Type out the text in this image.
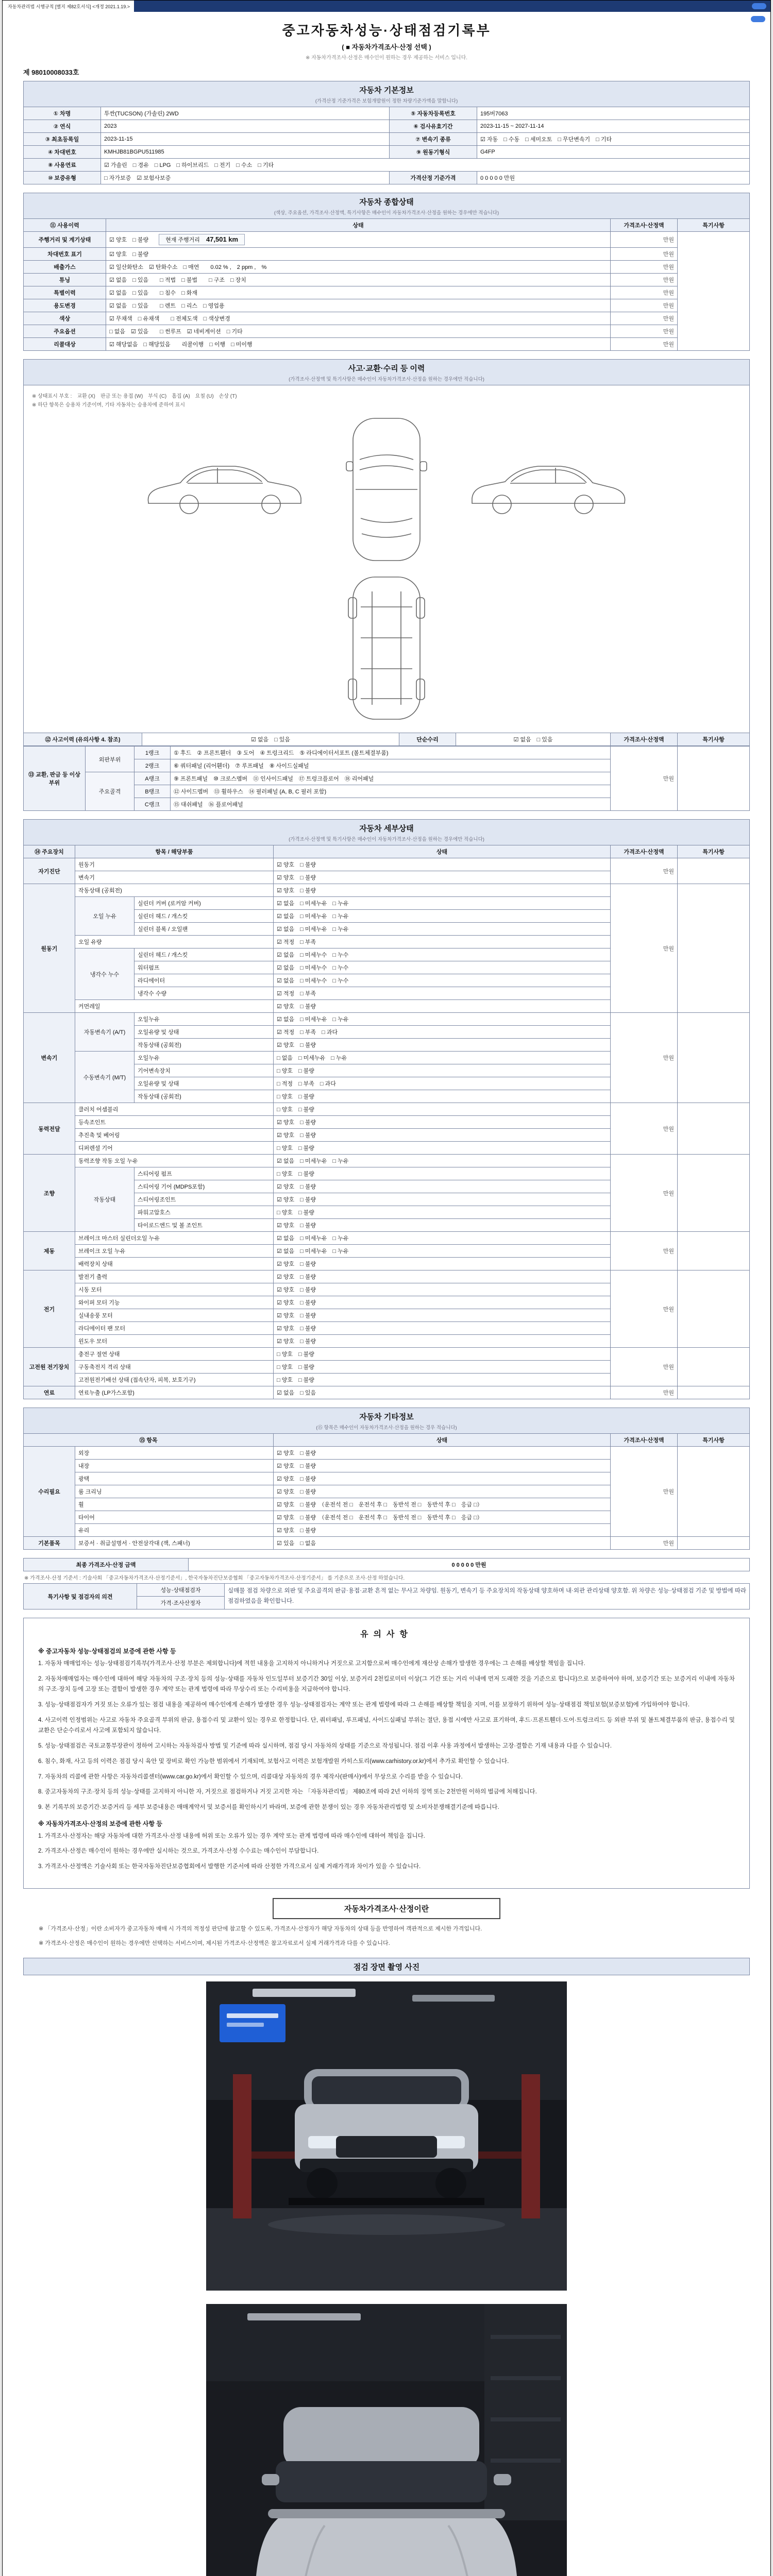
자동차관리법 시행규칙 [별지 제82호서식] <개정 2021.1.19.>
중고자동차성능·상태점검기록부
( ■ 자동차가격조사·산정 선택 )
※ 자동차가격조사·산정은 매수인이 원하는 경우 제공하는 서비스 입니다.
제 98010008033호
자동차 기본정보
(가격산정 기준가격은 보험개발원이 정한 차량기준가액을 말합니다)
① 차명	투싼(TUCSON) (가솔린) 2WD	⑤ 자동차등록번호	195버7063
② 연식	2023	⑥ 검사유효기간	2023-11-15 ~ 2027-11-14
③ 최초등록일	2023-11-15	⑦ 변속기 종류	☑ 자동　□ 수동　□ 세미오토　□ 무단변속기　□ 기타
④ 차대번호	KMHJB81BGPU511985	⑨ 원동기형식	G4FP
⑧ 사용연료	☑ 가솔린　□ 경유　□ LPG　□ 하이브리드　□ 전기　□ 수소　□ 기타		
⑩ 보증유형	□ 자가보증　☑ 보험사보증	가격산정 기준가격	0 0 0 0 0 만원
자동차 종합상태
(색상, 주요옵션, 가격조사·산정액, 특기사항은 매수인이 자동차가격조사·산정을 원하는 경우에만 적습니다)
⑪ 사용이력	상태	가격조사·산정액	특기사항
주행거리 및 계기상태	☑ 양호　□ 불량 현재 주행거리 47,501 km	만원	
차대번호 표기	☑ 양호　□ 불량	만원	
배출가스	☑ 일산화탄소　☑ 탄화수소　□ 매연　　0.02 % ,　2 ppm ,　%	만원	
튜닝	☑ 없음　□ 있음　　□ 적법　□ 불법　　□ 구조　□ 장치	만원	
특별이력	☑ 없음　□ 있음　　□ 침수　□ 화재	만원	
용도변경	☑ 없음　□ 있음　　□ 렌트　□ 리스　□ 영업용	만원	
색상	☑ 무채색　□ 유채색　　□ 전체도색　□ 색상변경	만원	
주요옵션	□ 없음　☑ 있음　　□ 썬루프　☑ 네비게이션　□ 기타	만원	
리콜대상	☑ 해당없음　□ 해당있음　　리콜이행　□ 이행　□ 미이행	만원	
사고·교환·수리 등 이력
(가격조사·산정액 및 특기사항은 매수인이 자동차가격조사·산정을 원하는 경우에만 적습니다)
※ 상태표시 부호 :　교환 (X)　판금 또는 용접 (W)　부식 (C)　흠집 (A)　요철 (U)　손상 (T)
※ 하단 항목은 승용차 기준이며, 기타 자동차는 승용차에 준하여 표시
⑫ 사고이력 (유의사항 4. 참조)	☑ 없음　□ 있음	단순수리	☑ 없음　□ 있음	가격조사·산정액	특기사항
⑬ 교환, 판금 등 이상 부위	외판부위	1랭크	① 후드　② 프론트휀더　③ 도어　④ 트렁크리드　⑤ 라디에이터서포트 (볼트체결부품)	만원	
		2랭크	⑥ 쿼터패널 (리어휀더)　⑦ 루프패널　⑧ 사이드실패널		
	주요골격	A랭크	⑨ 프론트패널　⑩ 크로스멤버　⑪ 인사이드패널　⑰ 트렁크플로어　⑱ 리어패널		
		B랭크	⑫ 사이드멤버　⑬ 휠하우스　⑭ 필러패널 (A, B, C 필러 포함)		
		C랭크	⑮ 대쉬패널　⑯ 플로어패널		
자동차 세부상태
(가격조사·산정액 및 특기사항은 매수인이 자동차가격조사·산정을 원하는 경우에만 적습니다)
⑭ 주요장치	항목 / 해당부품		상태	가격조사·산정액	특기사항
자기진단	원동기		☑ 양호　□ 불량	만원	
	변속기		☑ 양호　□ 불량		
원동기	작동상태 (공회전)		☑ 양호　□ 불량	만원	
	오일 누유	실린더 커버 (로커암 커버)	☑ 없음　□ 미세누유　□ 누유		
		실린더 헤드 / 개스킷	☑ 없음　□ 미세누유　□ 누유		
		실린더 블록 / 오일팬	☑ 없음　□ 미세누유　□ 누유		
	오일 유량		☑ 적정　□ 부족		
	냉각수 누수	실린더 헤드 / 개스킷	☑ 없음　□ 미세누수　□ 누수		
		워터펌프	☑ 없음　□ 미세누수　□ 누수		
		라디에이터	☑ 없음　□ 미세누수　□ 누수		
		냉각수 수량	☑ 적정　□ 부족		
	커먼레일		☑ 양호　□ 불량		
변속기	자동변속기 (A/T)	오일누유	☑ 없음　□ 미세누유　□ 누유	만원	
		오일유량 및 상태	☑ 적정　□ 부족　□ 과다		
		작동상태 (공회전)	☑ 양호　□ 불량		
	수동변속기 (M/T)	오일누유	□ 없음　□ 미세누유　□ 누유		
		기어변속장치	□ 양호　□ 불량		
		오일유량 및 상태	□ 적정　□ 부족　□ 과다		
		작동상태 (공회전)	□ 양호　□ 불량		
동력전달	클러치 어셈블리		□ 양호　□ 불량	만원	
	등속조인트		☑ 양호　□ 불량		
	추진축 및 베어링		☑ 양호　□ 불량		
	디퍼렌셜 기어		□ 양호　□ 불량		
조향	동력조향 작동 오일 누유		☑ 없음　□ 미세누유　□ 누유	만원	
	작동상태	스티어링 펌프	□ 양호　□ 불량		
		스티어링 기어 (MDPS포함)	☑ 양호　□ 불량		
		스티어링조인트	☑ 양호　□ 불량		
		파워고압호스	□ 양호　□ 불량		
		타이로드엔드 및 볼 조인트	☑ 양호　□ 불량		
제동	브레이크 마스터 실린더오일 누유		☑ 없음　□ 미세누유　□ 누유	만원	
	브레이크 오일 누유		☑ 없음　□ 미세누유　□ 누유		
	배력장치 상태		☑ 양호　□ 불량		
전기	발전기 출력		☑ 양호　□ 불량	만원	
	시동 모터		☑ 양호　□ 불량		
	와이퍼 모터 기능		☑ 양호　□ 불량		
	실내송풍 모터		☑ 양호　□ 불량		
	라디에이터 팬 모터		☑ 양호　□ 불량		
	윈도우 모터		☑ 양호　□ 불량		
고전원 전기장치	충전구 절연 상태		□ 양호　□ 불량	만원	
	구동축전지 격리 상태		□ 양호　□ 불량		
	고전원전기배선 상태 (접속단자, 피복, 보호기구)		□ 양호　□ 불량		
연료	연료누출 (LP가스포함)		☑ 없음　□ 있음	만원	
자동차 기타정보
(⑮ 항목은 매수인이 자동차가격조사·산정을 원하는 경우 적습니다)
⑮ 항목		상태	가격조사·산정액	특기사항
수리필요	외장	☑ 양호　□ 불량	만원	
	내장	☑ 양호　□ 불량		
	광택	☑ 양호　□ 불량		
	룸 크리닝	☑ 양호　□ 불량		
	휠	☑ 양호　□ 불량　（운전석 전 □　운전석 후 □　동반석 전 □　동반석 후 □　응급 □）		
	타이어	☑ 양호　□ 불량　（운전석 전 □　운전석 후 □　동반석 전 □　동반석 후 □　응급 □）		
	유리	☑ 양호　□ 불량		
기본품목	보증서 · 취급설명서 · 안전삼각대 (잭, 스패너)	☑ 있음　□ 없음	만원	
최종 가격조사·산정 금액	0 0 0 0 0 만원
※ 가격조사·산정 기준서 : 기술사회 「중고자동차가격조사·산정기준서」, 한국자동차진단보증협회 「중고자동차가격조사·산정기준서」 를 기준으로 조사·산정 하였습니다.
특기사항 및 점검자의 의견	성능·상태점검자	실매물 점검 차량으로 외판 및 주요골격의 판금·용접·교환 흔적 없는 무사고 차량임. 원동기, 변속기 등 주요장치의 작동상태 양호하며 내·외관 관리상태 양호함. 위 차량은 성능·상태점검 기준 및 방법에 따라 점검하였음을 확인합니다.
가격·조사산정자
유의사항
※ 중고자동차 성능·상태점검의 보증에 관한 사항 등
1. 자동차 매매업자는 성능·상태점검기록부(가격조사·산정 부분은 제외합니다)에 적힌 내용을 고지하지 아니하거나 거짓으로 고지함으로써 매수인에게 재산상 손해가 발생한 경우에는 그 손해를 배상할 책임을 집니다.
2. 자동차매매업자는 매수인에 대하여 해당 자동차의 구조·장치 등의 성능·상태를 자동차 인도일부터 보증기간 30일 이상, 보증거리 2천킬로미터 이상(그 기간 또는 거리 이내에 먼저 도래한 것을 기준으로 합니다)으로 보증하여야 하며, 보증기간 또는 보증거리 이내에 자동차의 구조·장치 등에 고장 또는 결함이 발생한 경우 계약 또는 관계 법령에 따라 무상수리 또는 수리비용을 지급하여야 합니다.
3. 성능·상태점검자가 거짓 또는 오류가 있는 점검 내용을 제공하여 매수인에게 손해가 발생한 경우 성능·상태점검자는 계약 또는 관계 법령에 따라 그 손해를 배상할 책임을 지며, 이를 보장하기 위하여 성능·상태점검 책임보험(보증보험)에 가입하여야 합니다.
4. 사고이력 인정범위는 사고로 자동차 주요골격 부위의 판금, 용접수리 및 교환이 있는 경우로 한정합니다. 단, 쿼터패널, 루프패널, 사이드실패널 부위는 절단, 용접 시에만 사고로 표기하며, 후드·프론트휀더·도어·트렁크리드 등 외판 부위 및 볼트체결부품의 판금, 용접수리 및 교환은 단순수리로서 사고에 포함되지 않습니다.
5. 성능·상태점검은 국토교통부장관이 정하여 고시하는 자동차검사 방법 및 기준에 따라 실시하며, 점검 당시 자동차의 상태를 기준으로 작성됩니다. 점검 이후 사용 과정에서 발생하는 고장·결함은 기재 내용과 다를 수 있습니다.
6. 침수, 화재, 사고 등의 이력은 점검 당시 육안 및 장비로 확인 가능한 범위에서 기재되며, 보험사고 이력은 보험개발원 카히스토리(www.carhistory.or.kr)에서 추가로 확인할 수 있습니다.
7. 자동차의 리콜에 관한 사항은 자동차리콜센터(www.car.go.kr)에서 확인할 수 있으며, 리콜대상 자동차의 경우 제작사(판매사)에서 무상으로 수리를 받을 수 있습니다.
8. 중고자동차의 구조·장치 등의 성능·상태를 고지하지 아니한 자, 거짓으로 점검하거나 거짓 고지한 자는 「자동차관리법」 제80조에 따라 2년 이하의 징역 또는 2천만원 이하의 벌금에 처해집니다.
9. 본 기록부의 보증기간·보증거리 등 세부 보증내용은 매매계약서 및 보증서를 확인하시기 바라며, 보증에 관한 분쟁이 있는 경우 자동차관리법령 및 소비자분쟁해결기준에 따릅니다.
※ 자동차가격조사·산정의 보증에 관한 사항 등
1. 가격조사·산정자는 해당 자동차에 대한 가격조사·산정 내용에 허위 또는 오류가 있는 경우 계약 또는 관계 법령에 따라 매수인에 대하여 책임을 집니다.
2. 가격조사·산정은 매수인이 원하는 경우에만 실시하는 것으로, 가격조사·산정 수수료는 매수인이 부담합니다.
3. 가격조사·산정액은 기술사회 또는 한국자동차진단보증협회에서 발행한 기준서에 따라 산정한 가격으로서 실제 거래가격과 차이가 있을 수 있습니다.
자동차가격조사·산정이란
※ 「가격조사·산정」이란 소비자가 중고자동차 매매 시 가격의 적정성 판단에 참고할 수 있도록, 가격조사·산정자가 해당 자동차의 상태 등을 반영하여 객관적으로 제시한 가격입니다.
※ 가격조사·산정은 매수인이 원하는 경우에만 선택하는 서비스이며, 제시된 가격조사·산정액은 참고자료로서 실제 거래가격과 다를 수 있습니다.
점검 장면 촬영 사진
